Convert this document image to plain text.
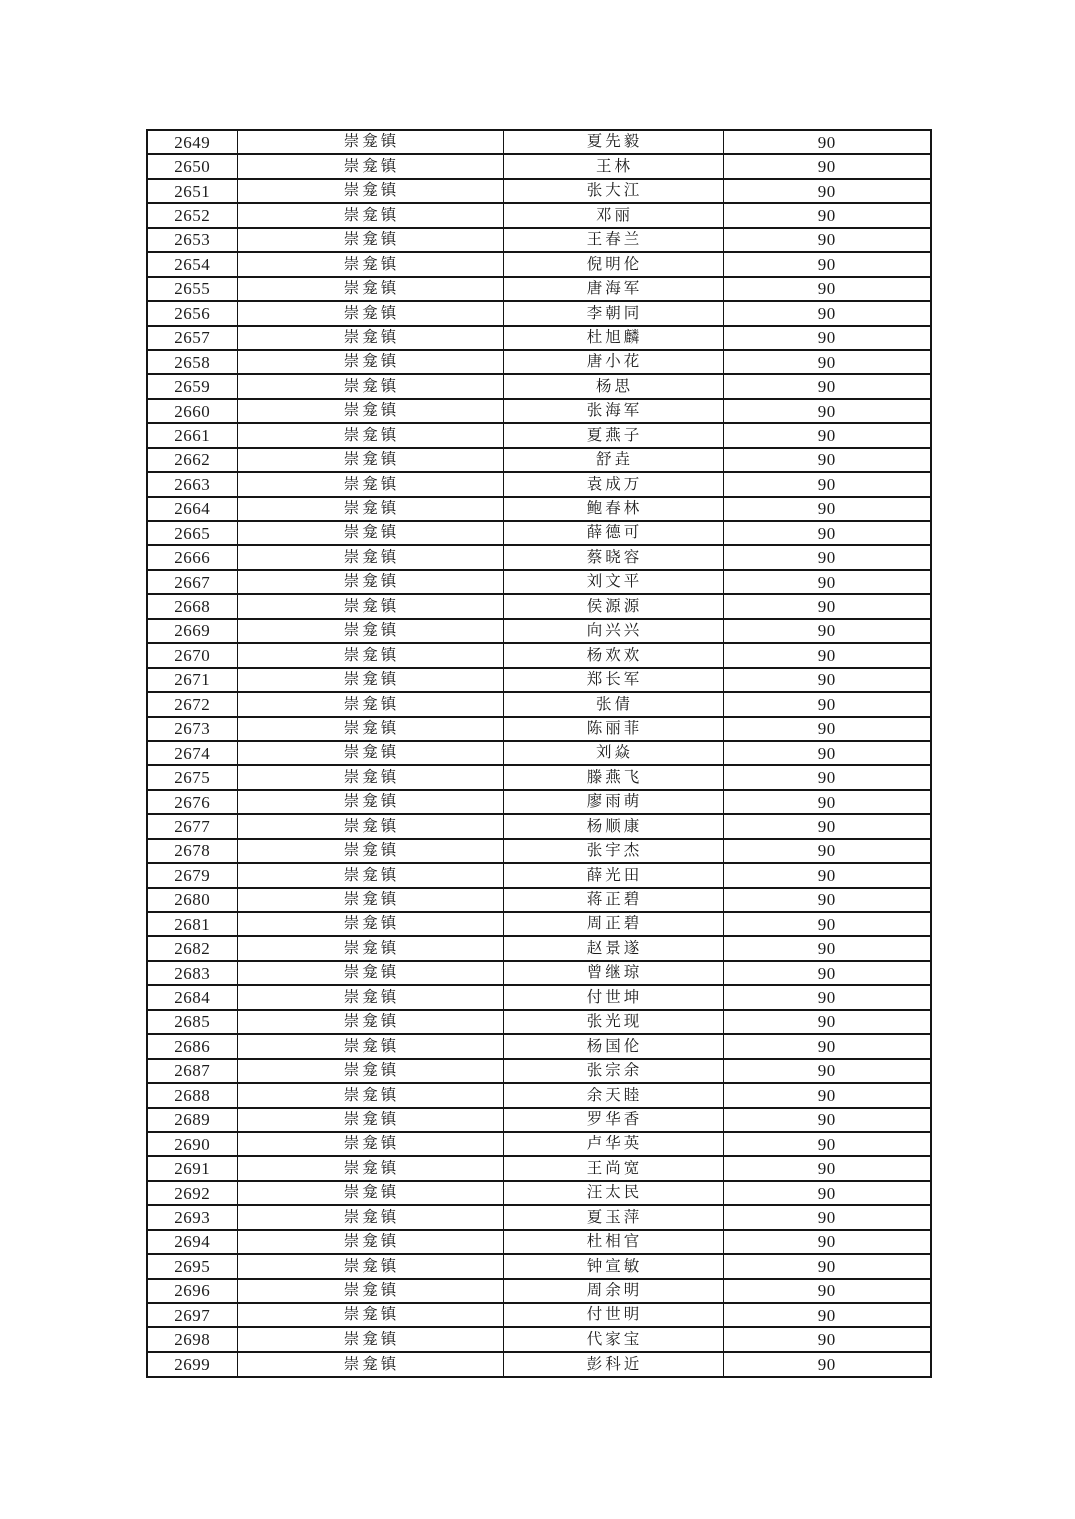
2649	崇龛镇	夏先毅	90
2650	崇龛镇	王林	90
2651	崇龛镇	张大江	90
2652	崇龛镇	邓丽	90
2653	崇龛镇	王春兰	90
2654	崇龛镇	倪明伦	90
2655	崇龛镇	唐海军	90
2656	崇龛镇	李朝同	90
2657	崇龛镇	杜旭麟	90
2658	崇龛镇	唐小花	90
2659	崇龛镇	杨思	90
2660	崇龛镇	张海军	90
2661	崇龛镇	夏燕子	90
2662	崇龛镇	舒垚	90
2663	崇龛镇	袁成万	90
2664	崇龛镇	鲍春林	90
2665	崇龛镇	薛德可	90
2666	崇龛镇	蔡晓容	90
2667	崇龛镇	刘文平	90
2668	崇龛镇	侯源源	90
2669	崇龛镇	向兴兴	90
2670	崇龛镇	杨欢欢	90
2671	崇龛镇	郑长军	90
2672	崇龛镇	张倩	90
2673	崇龛镇	陈丽菲	90
2674	崇龛镇	刘焱	90
2675	崇龛镇	滕燕飞	90
2676	崇龛镇	廖雨萌	90
2677	崇龛镇	杨顺康	90
2678	崇龛镇	张宇杰	90
2679	崇龛镇	薛光田	90
2680	崇龛镇	蒋正碧	90
2681	崇龛镇	周正碧	90
2682	崇龛镇	赵景遂	90
2683	崇龛镇	曾继琼	90
2684	崇龛镇	付世坤	90
2685	崇龛镇	张光现	90
2686	崇龛镇	杨国伦	90
2687	崇龛镇	张宗余	90
2688	崇龛镇	余天睦	90
2689	崇龛镇	罗华香	90
2690	崇龛镇	卢华英	90
2691	崇龛镇	王尚宽	90
2692	崇龛镇	汪太民	90
2693	崇龛镇	夏玉萍	90
2694	崇龛镇	杜相官	90
2695	崇龛镇	钟宣敏	90
2696	崇龛镇	周余明	90
2697	崇龛镇	付世明	90
2698	崇龛镇	代家宝	90
2699	崇龛镇	彭科近	90
